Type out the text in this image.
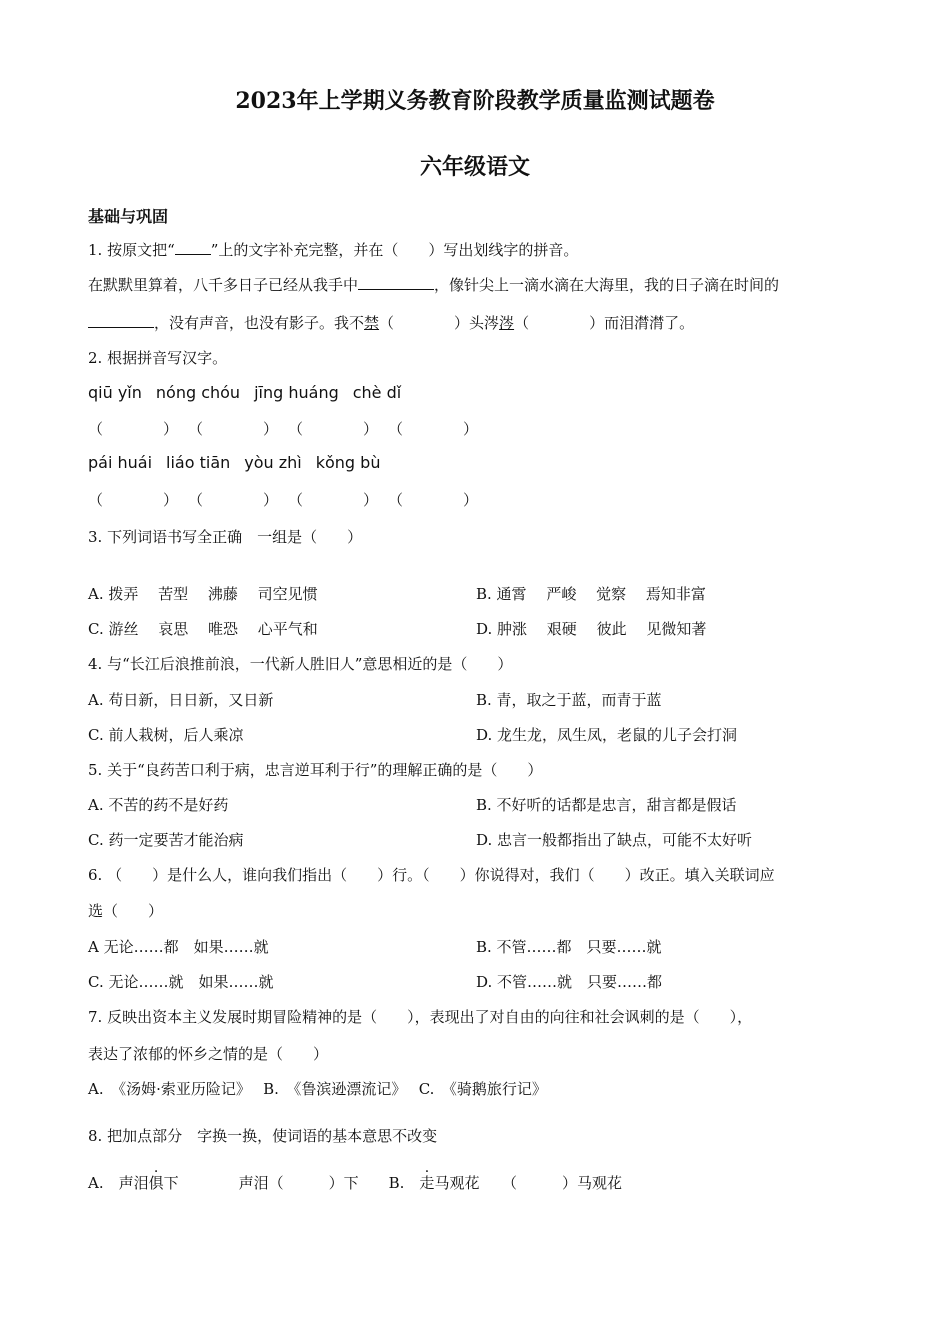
2023年上学期义务教育阶段教学质量监测试题卷
六年级语文
基础与巩固
1. 按原文把“ ”上的文字补充完整，并在（　　）写出划线字的拼音。
在默默里算着，八千多日子已经从我手中	，像针尖上一滴水滴在大海里，我的日子滴在时间的
，没有声音，也没有影子。我不禁（　　　　）头涔涔（　　　　）而泪潸潸了。
2. 根据拼音写汉字。
qiū yǐn nóng chóu jīng huáng chè dǐ
（　　　　） （　　　　） （　　　　） （　　　　）
pái huái liáo tiān yòu zhì kǒng bù
（　　　　） （　　　　） （　　　　） （　　　　）
3. 下列词语书写全正确　一组是（　　）
A. 拨弄　 苦型　 沸藤　 司空见惯	B. 通霄　 严峻　 觉察　 焉知非富
C. 游丝　 哀思　 唯恐　 心平气和	D. 肿涨　 艰硬　 彼此　 见微知著
4. 与“长江后浪推前浪，一代新人胜旧人”意思相近的是（　　）
A. 苟日新，日日新，又日新	B. 青，取之于蓝，而青于蓝
C. 前人栽树，后人乘凉	D. 龙生龙，凤生凤，老鼠的儿子会打洞
5. 关于“良药苦口利于病，忠言逆耳利于行”的理解正确的是（　　）
A. 不苦的药不是好药	B. 不好听的话都是忠言，甜言都是假话
C. 药一定要苦才能治病	D. 忠言一般都指出了缺点，可能不太好听
6. （　　）是什么人，谁向我们指出（　　）行。（　　）你说得对，我们（　　）改正。填入关联词应
选（　　）
A 无论……都　如果……就	B. 不管……都　只要……就
C. 无论……就　如果……就	D. 不管……就　只要……都
7. 反映出资本主义发展时期冒险精神的是（　　），表现出了对自由的向往和社会讽刺的是（　　），
表达了浓郁的怀乡之情的是（　　）
A.　《汤姆·索亚历险记》　 B.　《鲁滨逊漂流记》　 C.　《骑鹅旅行记》
8. 把加点部分　字换一换，使词语的基本意思不改变
A.　声泪俱下　　　　声泪（　　　）下　　B.　走马观花　　（　　　）马观花
